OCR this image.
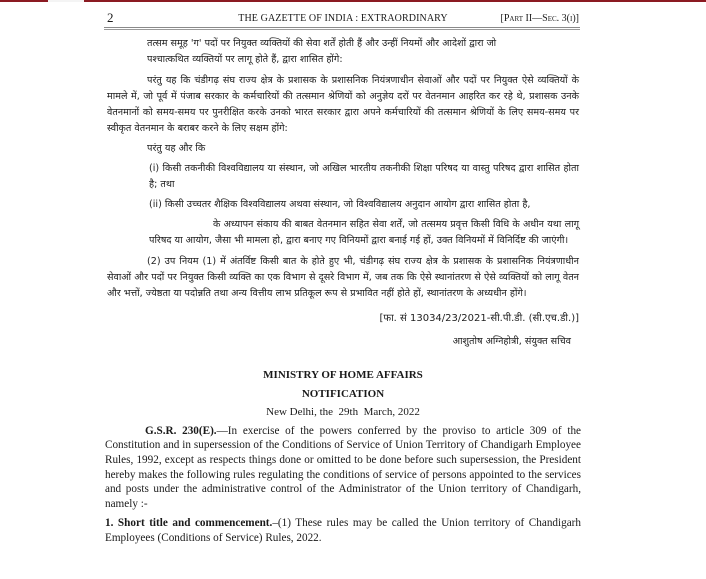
2	THE GAZETTE OF INDIA : EXTRAORDINARY	[Part II—Sec. 3(i)]

तत्सम समूह 'ग' पदों पर नियुक्त व्यक्तियों की सेवा शर्तें होती हैं और उन्हीं नियमों और आदेशों द्वारा जो

पश्चात्कथित व्यक्तियों पर लागू होते हैं, द्वारा शासित होंगे:

परंतु यह कि चंडीगढ़ संघ राज्य क्षेत्र के प्रशासक के प्रशासनिक नियंत्रणाधीन सेवाओं और पदों पर नियुक्त ऐसे व्यक्तियों के मामले में, जो पूर्व में पंजाब सरकार के कर्मचारियों की तत्समान श्रेणियों को अनुज्ञेय दरों पर वेतनमान आहरित कर रहे थे, प्रशासक उनके वेतनमानों को समय-समय पर पुनरीक्षित करके उनको भारत सरकार द्वारा अपने कर्मचारियों की तत्समान श्रेणियों के लिए समय-समय पर स्वीकृत वेतनमान के बराबर करने के लिए सक्षम होंगे:

परंतु यह और कि

(i) किसी तकनीकी विश्वविद्यालय या संस्थान, जो अखिल भारतीय तकनीकी शिक्षा परिषद या वास्तु परिषद द्वारा शासित होता है; तथा

(ii) किसी उच्चतर शैक्षिक विश्वविद्यालय अथवा संस्थान, जो विश्वविद्यालय अनुदान आयोग द्वारा शासित होता है,

के अध्यापन संकाय की बाबत वेतनमान सहित सेवा शर्तें, जो तत्समय प्रवृत्त किसी विधि के अधीन यथा लागू परिषद या आयोग, जैसा भी मामला हो, द्वारा बनाए गए विनियमों द्वारा बनाई गई हों, उक्त विनियमों में विनिर्दिष्ट की जाएंगी।

(2) उप नियम (1) में अंतर्विष्ट किसी बात के होते हुए भी, चंडीगढ़ संघ राज्य क्षेत्र के प्रशासक के प्रशासनिक नियंत्रणाधीन सेवाओं और पदों पर नियुक्त किसी व्यक्ति का एक विभाग से दूसरे विभाग में, जब तक कि ऐसे स्थानांतरण से ऐसे व्यक्तियों को लागू वेतन और भत्तों, ज्येष्ठता या पदोन्नति तथा अन्य वित्तीय लाभ प्रतिकूल रूप से प्रभावित नहीं होते हों, स्थानांतरण के अध्यधीन होंगे।

[फा. सं 13034/23/2021-सी.पी.डी. (सी.एच.डी.)]
आशुतोष अग्निहोत्री, संयुक्त सचिव

MINISTRY OF HOME AFFAIRS

NOTIFICATION

New Delhi, the  29th  March, 2022

G.S.R. 230(E).—In exercise of the powers conferred by the proviso to article 309 of the Constitution and in supersession of the Conditions of Service of Union Territory of Chandigarh Employee Rules, 1992, except as respects things done or omitted to be done before such supersession, the President hereby makes the following rules regulating the conditions of service of persons appointed to the services and posts under the administrative control of the Administrator of the Union territory of Chandigarh, namely :-

1. Short title and commencement.–(1) These rules may be called the Union territory of Chandigarh Employees (Conditions of Service) Rules, 2022.
